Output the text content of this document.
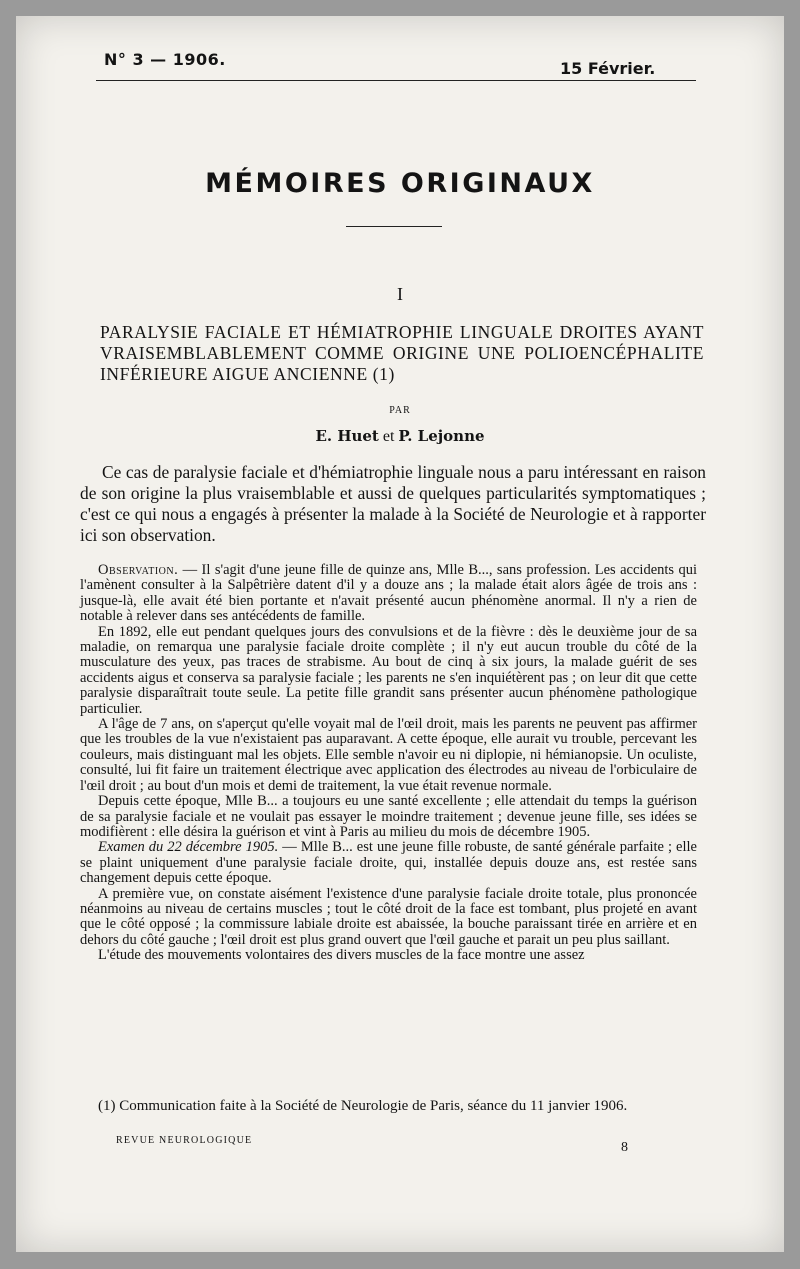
N° 3 — 1906.	15 Février.
MÉMOIRES ORIGINAUX
I
PARALYSIE FACIALE ET HÉMIATROPHIE LINGUALE DROITES AYANT VRAISEMBLABLEMENT COMME ORIGINE UNE POLIOENCÉPHALITE INFÉRIEURE AIGUE ANCIENNE (1)
PAR
E. Huet et P. Lejonne

Ce cas de paralysie faciale et d'hémiatrophie linguale nous a paru intéressant en raison de son origine la plus vraisemblable et aussi de quelques particularités symptomatiques ; c'est ce qui nous a engagés à présenter la malade à la Société de Neurologie et à rapporter ici son observation.

Observation. — Il s'agit d'une jeune fille de quinze ans, Mlle B..., sans profession. Les accidents qui l'amènent consulter à la Salpêtrière datent d'il y a douze ans ; la malade était alors âgée de trois ans : jusque-là, elle avait été bien portante et n'avait présenté aucun phénomène anormal. Il n'y a rien de notable à relever dans ses antécédents de famille.

En 1892, elle eut pendant quelques jours des convulsions et de la fièvre : dès le deuxième jour de sa maladie, on remarqua une paralysie faciale droite complète ; il n'y eut aucun trouble du côté de la musculature des yeux, pas traces de strabisme. Au bout de cinq à six jours, la malade guérit de ses accidents aigus et conserva sa paralysie faciale ; les parents ne s'en inquiétèrent pas ; on leur dit que cette paralysie disparaîtrait toute seule. La petite fille grandit sans présenter aucun phénomène pathologique particulier.

A l'âge de 7 ans, on s'aperçut qu'elle voyait mal de l'œil droit, mais les parents ne peuvent pas affirmer que les troubles de la vue n'existaient pas auparavant. A cette époque, elle aurait vu trouble, percevant les couleurs, mais distinguant mal les objets. Elle semble n'avoir eu ni diplopie, ni hémianopsie. Un oculiste, consulté, lui fit faire un traitement électrique avec application des électrodes au niveau de l'orbiculaire de l'œil droit ; au bout d'un mois et demi de traitement, la vue était revenue normale.

Depuis cette époque, Mlle B... a toujours eu une santé excellente ; elle attendait du temps la guérison de sa paralysie faciale et ne voulait pas essayer le moindre traitement ; devenue jeune fille, ses idées se modifièrent : elle désira la guérison et vint à Paris au milieu du mois de décembre 1905.

Examen du 22 décembre 1905. — Mlle B... est une jeune fille robuste, de santé générale parfaite ; elle se plaint uniquement d'une paralysie faciale droite, qui, installée depuis douze ans, est restée sans changement depuis cette époque.

A première vue, on constate aisément l'existence d'une paralysie faciale droite totale, plus prononcée néanmoins au niveau de certains muscles ; tout le côté droit de la face est tombant, plus projeté en avant que le côté opposé ; la commissure labiale droite est abaissée, la bouche paraissant tirée en arrière et en dehors du côté gauche ; l'œil droit est plus grand ouvert que l'œil gauche et parait un peu plus saillant.

L'étude des mouvements volontaires des divers muscles de la face montre une assez

(1) Communication faite à la Société de Neurologie de Paris, séance du 11 janvier 1906.

REVUE NEUROLOGIQUE	8
